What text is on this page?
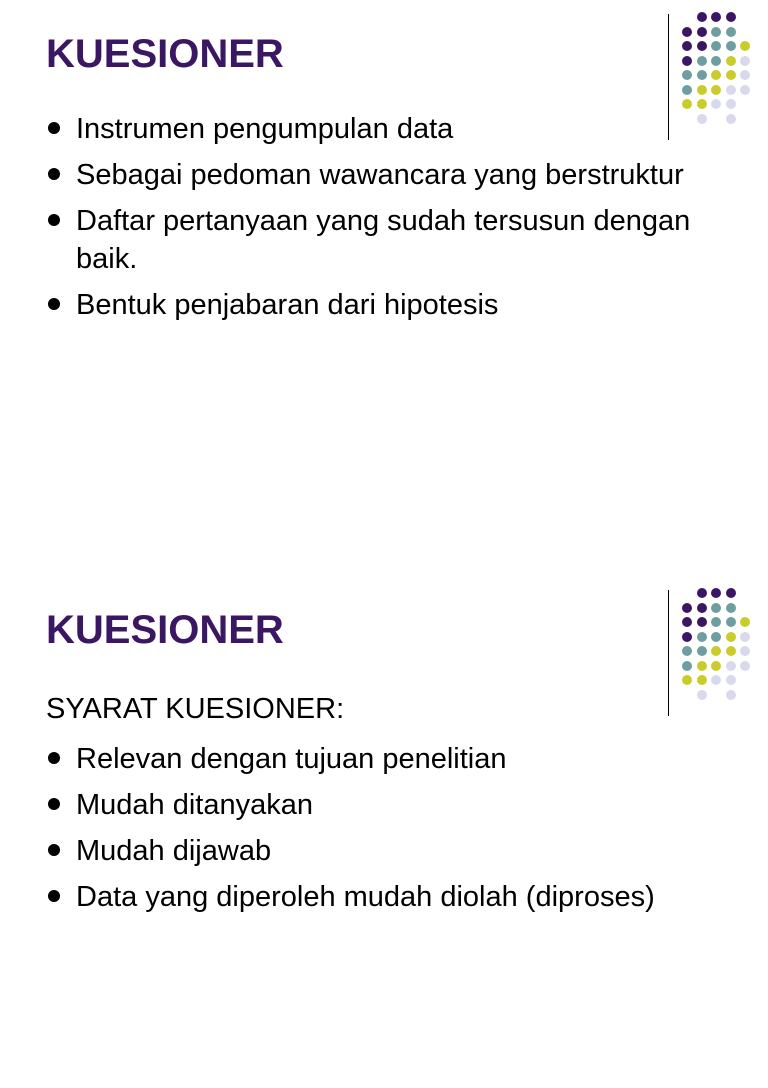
KUESIONER
Instrumen pengumpulan data
Sebagai pedoman wawancara yang berstruktur
Daftar pertanyaan yang sudah tersusun dengan baik.
Bentuk penjabaran dari hipotesis
KUESIONER

SYARAT KUESIONER:

Relevan dengan tujuan penelitian
Mudah ditanyakan
Mudah dijawab
Data yang diperoleh mudah diolah (diproses)
